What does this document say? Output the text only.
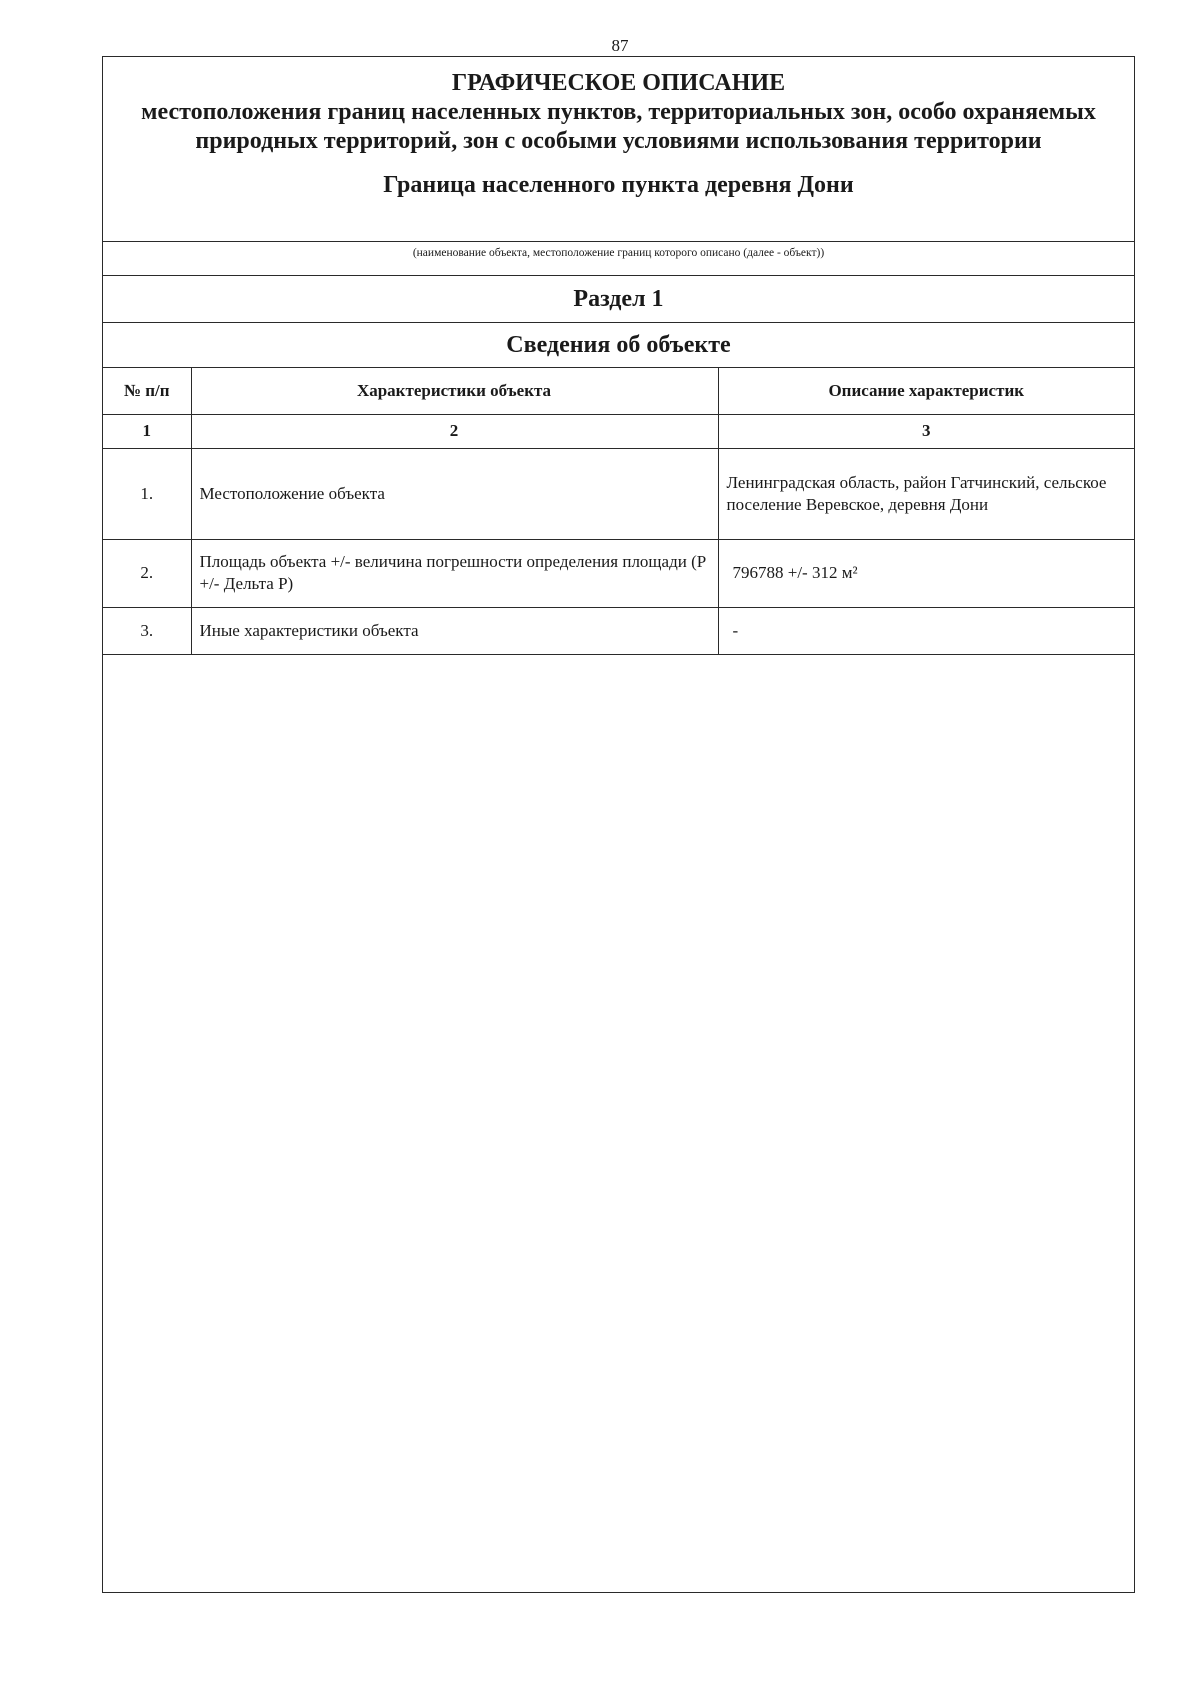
87
ГРАФИЧЕСКОЕ ОПИСАНИЕ
местоположения границ населенных пунктов, территориальных зон, особо охраняемых природных территорий, зон с особыми условиями использования территории
Граница населенного пункта деревня Дони
(наименование объекта, местоположение границ которого описано (далее - объект))
Раздел 1
Сведения об объекте
№ п/п	Характеристики объекта	Описание характеристик
1	2	3
1.	Местоположение объекта	Ленинградская область, район Гатчинский, сельское поселение Веревское, деревня Дони
2.	Площадь объекта +/- величина погрешности определения площади (Р +/- Дельта Р)	796788 +/- 312 м²
3.	Иные характеристики объекта	-
